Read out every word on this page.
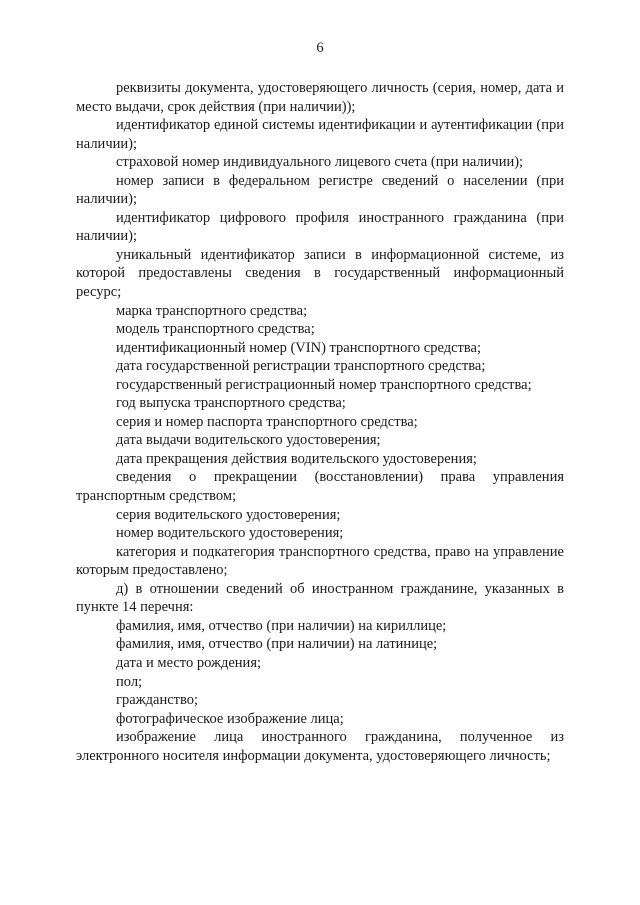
6

реквизиты документа, удостоверяющего личность (серия, номер, дата и место выдачи, срок действия (при наличии));

идентификатор единой системы идентификации и аутентификации (при наличии);

страховой номер индивидуального лицевого счета (при наличии);

номер записи в федеральном регистре сведений о населении (при наличии);

идентификатор цифрового профиля иностранного гражданина (при наличии);

уникальный идентификатор записи в информационной системе, из которой предоставлены сведения в государственный информационный ресурс;

марка транспортного средства;

модель транспортного средства;

идентификационный номер (VIN) транспортного средства;

дата государственной регистрации транспортного средства;

государственный регистрационный номер транспортного средства;

год выпуска транспортного средства;

серия и номер паспорта транспортного средства;

дата выдачи водительского удостоверения;

дата прекращения действия водительского удостоверения;

сведения о прекращении (восстановлении) права управления транспортным средством;

серия водительского удостоверения;

номер водительского удостоверения;

категория и подкатегория транспортного средства, право на управление которым предоставлено;

д) в отношении сведений об иностранном гражданине, указанных в пункте 14 перечня:

фамилия, имя, отчество (при наличии) на кириллице;

фамилия, имя, отчество (при наличии) на латинице;

дата и место рождения;

пол;

гражданство;

фотографическое изображение лица;

изображение лица иностранного гражданина, полученное из электронного носителя информации документа, удостоверяющего личность;
